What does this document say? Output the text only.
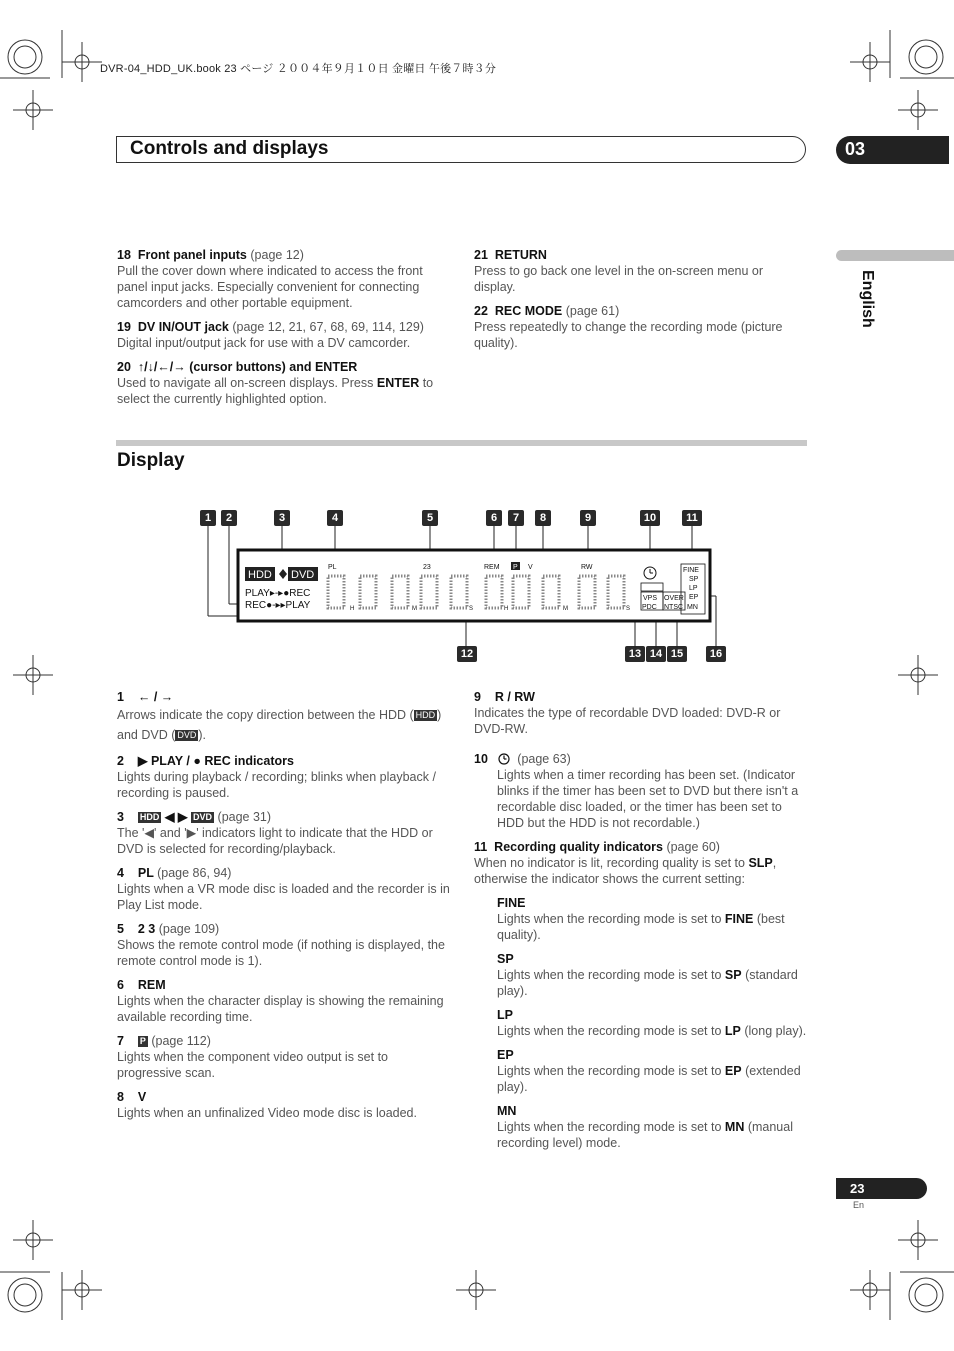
DVR-04_HDD_UK.book 23 ページ ２００４年９月１０日 金曜日 午後７時３分
Controls and displays	03
English
18 Front panel inputs (page 12)
Pull the cover down where indicated to access the front panel input jacks. Especially convenient for connecting camcorders and other portable equipment.
19 DV IN/OUT jack (page 12, 21, 67, 68, 69, 114, 129)
Digital input/output jack for use with a DV camcorder.
20 ↑/↓/←/→ (cursor buttons) and ENTER
Used to navigate all on-screen displays. Press ENTER to select the currently highlighted option.
21 RETURN
Press to go back one level in the on-screen menu or display.
22 REC MODE (page 61)
Press repeatedly to change the recording mode (picture quality).
Display
1	2	3	4	5	6	7	8	9	10	11
12	13 14 15	16
HDD DVD
PLAY▸-▸●REC
REC●-▸▸PLAY
PL	23	REM P V	RW	FINE
SP
LP
EP
MN
VPS
PDC
OVER
NTSC
H	M	S	H	M	S
1 ← / →
Arrows indicate the copy direction between the HDD ( HDD ) and DVD ( DVD ).
2 ▶ PLAY / ● REC indicators
Lights during playback / recording; blinks when playback / recording is paused.
3 HDD ◀ ▶ DVD (page 31)
The '◀' and '▶' indicators light to indicate that the HDD or DVD is selected for recording/playback.
4 PL (page 86, 94)
Lights when a VR mode disc is loaded and the recorder is in Play List mode.
5 2 3 (page 109)
Shows the remote control mode (if nothing is displayed, the remote control mode is 1).
6 REM
Lights when the character display is showing the remaining available recording time.
7 P (page 112)
Lights when the component video output is set to progressive scan.
8 V
Lights when an unfinalized Video mode disc is loaded.
9 R / RW
Indicates the type of recordable DVD loaded: DVD-R or DVD-RW.
10 (page 63)
Lights when a timer recording has been set. (Indicator blinks if the timer has been set to DVD but there isn't a recordable disc loaded, or the timer has been set to HDD but the HDD is not recordable.)
11 Recording quality indicators (page 60)
When no indicator is lit, recording quality is set to SLP, otherwise the indicator shows the current setting:
FINE
Lights when the recording mode is set to FINE (best quality).
SP
Lights when the recording mode is set to SP (standard play).
LP
Lights when the recording mode is set to LP (long play).
EP
Lights when the recording mode is set to EP (extended play).
MN
Lights when the recording mode is set to MN (manual recording level) mode.
23
En
